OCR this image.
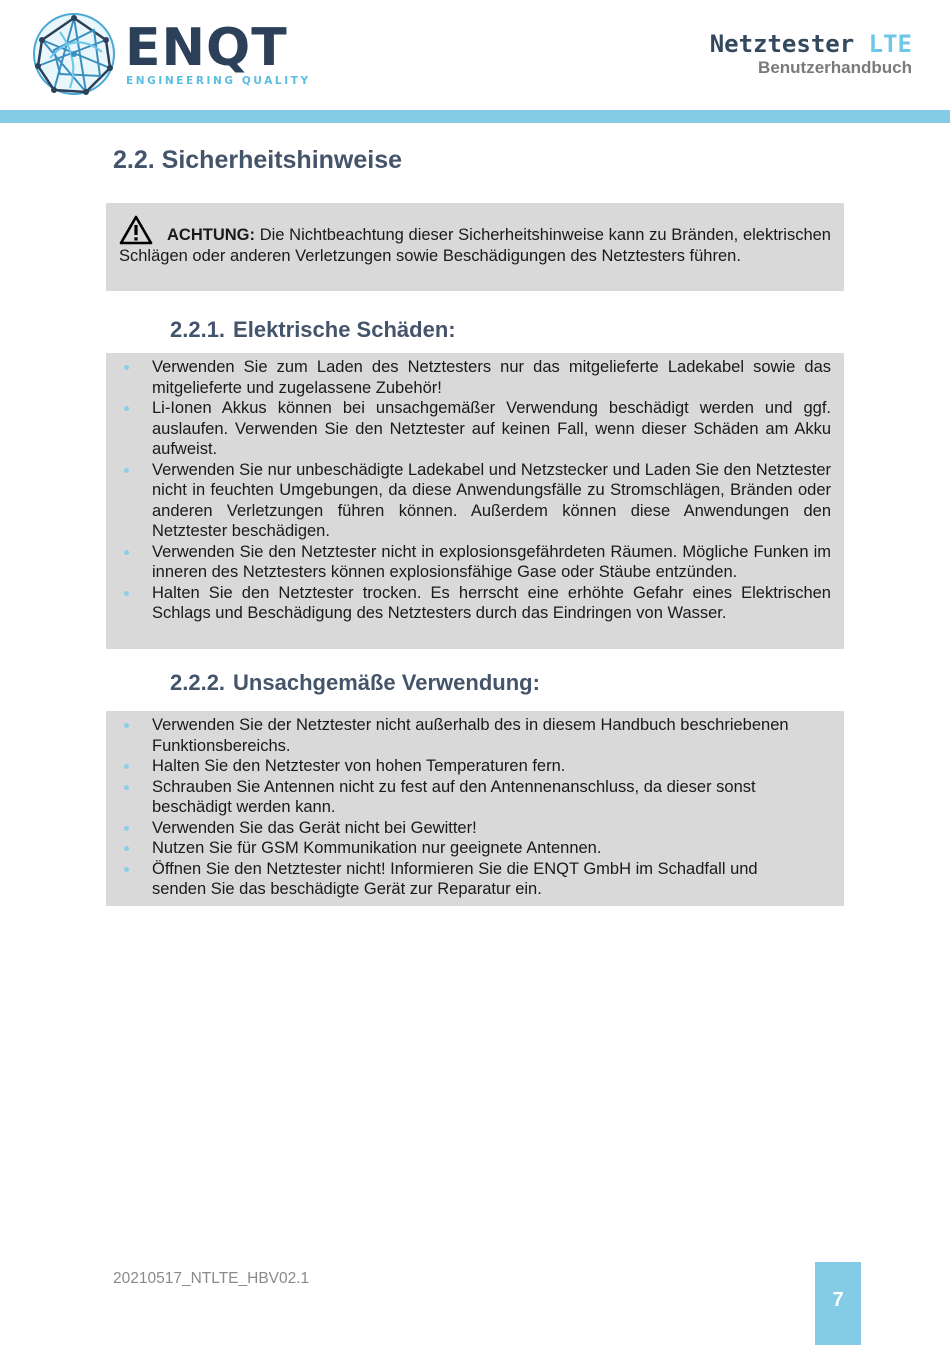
ENQT
ENGINEERING QUALITY
Netztester LTE
Benutzerhandbuch
2.2. Sicherheitshinweise
ACHTUNG: Die Nichtbeachtung dieser Sicherheitshinweise kann zu Bränden, elektrischen Schlägen oder anderen Verletzungen sowie Beschädigungen des Netztesters führen.
2.2.1. Elektrische Schäden:
Verwenden Sie zum Laden des Netztesters nur das mitgelieferte Ladekabel sowie das mitgelieferte und zugelassene Zubehör!
Li-Ionen Akkus können bei unsachgemäßer Verwendung beschädigt werden und ggf. auslaufen. Verwenden Sie den Netztester auf keinen Fall, wenn dieser Schäden am Akku aufweist.
Verwenden Sie nur unbeschädigte Ladekabel und Netzstecker und Laden Sie den Netztester nicht in feuchten Umgebungen, da diese Anwendungsfälle zu Stromschlägen, Bränden oder anderen Verletzungen führen können. Außerdem können diese Anwendungen den Netztester beschädigen.
Verwenden Sie den Netztester nicht in explosionsgefährdeten Räumen. Mögliche Funken im inneren des Netztesters können explosionsfähige Gase oder Stäube entzünden.
Halten Sie den Netztester trocken. Es herrscht eine erhöhte Gefahr eines Elektrischen Schlags und Beschädigung des Netztesters durch das Eindringen von Wasser.
2.2.2. Unsachgemäße Verwendung:
Verwenden Sie der Netztester nicht außerhalb des in diesem Handbuch beschriebenen Funktionsbereichs.
Halten Sie den Netztester von hohen Temperaturen fern.
Schrauben Sie Antennen nicht zu fest auf den Antennenanschluss, da dieser sonst beschädigt werden kann.
Verwenden Sie das Gerät nicht bei Gewitter!
Nutzen Sie für GSM Kommunikation nur geeignete Antennen.
Öffnen Sie den Netztester nicht! Informieren Sie die ENQT GmbH im Schadfall und senden Sie das beschädigte Gerät zur Reparatur ein.
20210517_NTLTE_HBV02.1
7
